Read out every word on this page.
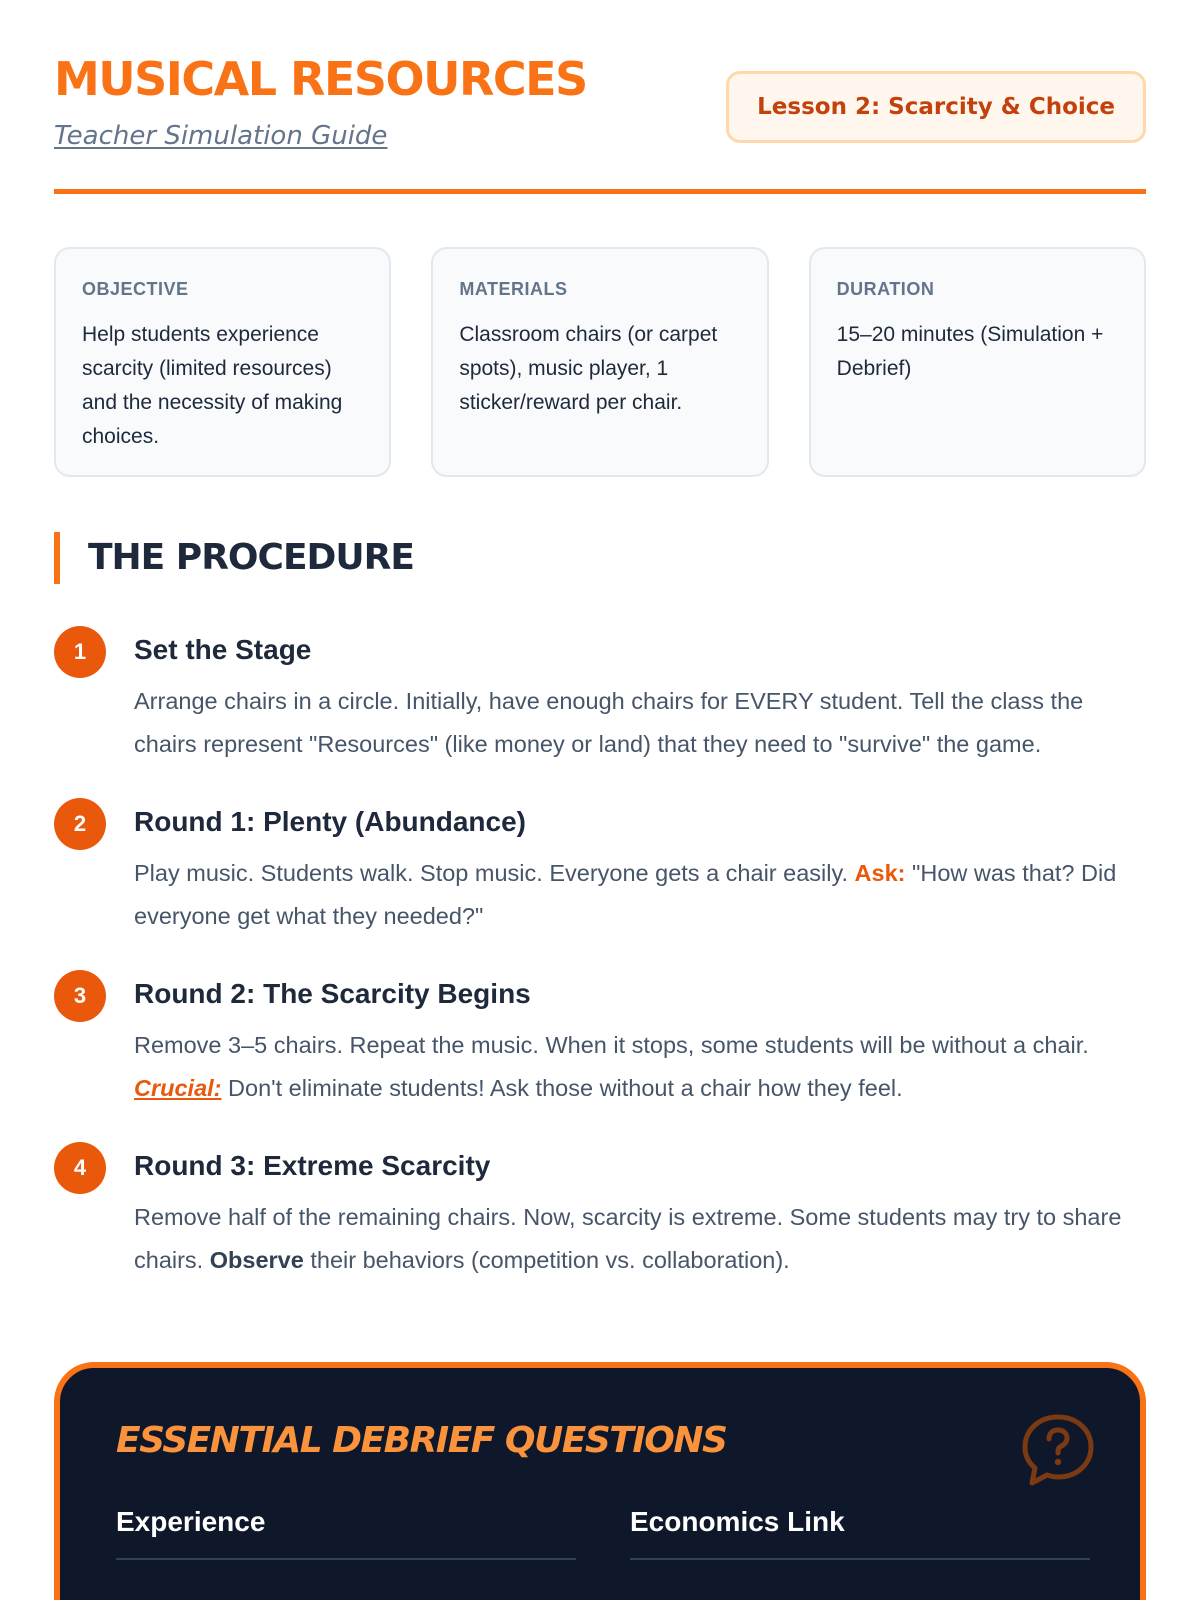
MUSICAL RESOURCES
Teacher Simulation Guide
Lesson 2: Scarcity & Choice
OBJECTIVE
Help students experience scarcity (limited resources) and the necessity of making choices.
MATERIALS
Classroom chairs (or carpet spots), music player, 1 sticker/reward per chair.
DURATION
15–20 minutes (Simulation + Debrief)
THE PROCEDURE
1	Set the Stage
Arrange chairs in a circle. Initially, have enough chairs for EVERY student. Tell the class the chairs represent "Resources" (like money or land) that they need to "survive" the game.
2	Round 1: Plenty (Abundance)
Play music. Students walk. Stop music. Everyone gets a chair easily. Ask: "How was that? Did everyone get what they needed?"
3	Round 2: The Scarcity Begins
Remove 3–5 chairs. Repeat the music. When it stops, some students will be without a chair. Crucial: Don't eliminate students! Ask those without a chair how they feel.
4	Round 3: Extreme Scarcity
Remove half of the remaining chairs. Now, scarcity is extreme. Some students may try to share chairs. Observe their behaviors (competition vs. collaboration).
ESSENTIAL DEBRIEF QUESTIONS
Experience	Economics Link
